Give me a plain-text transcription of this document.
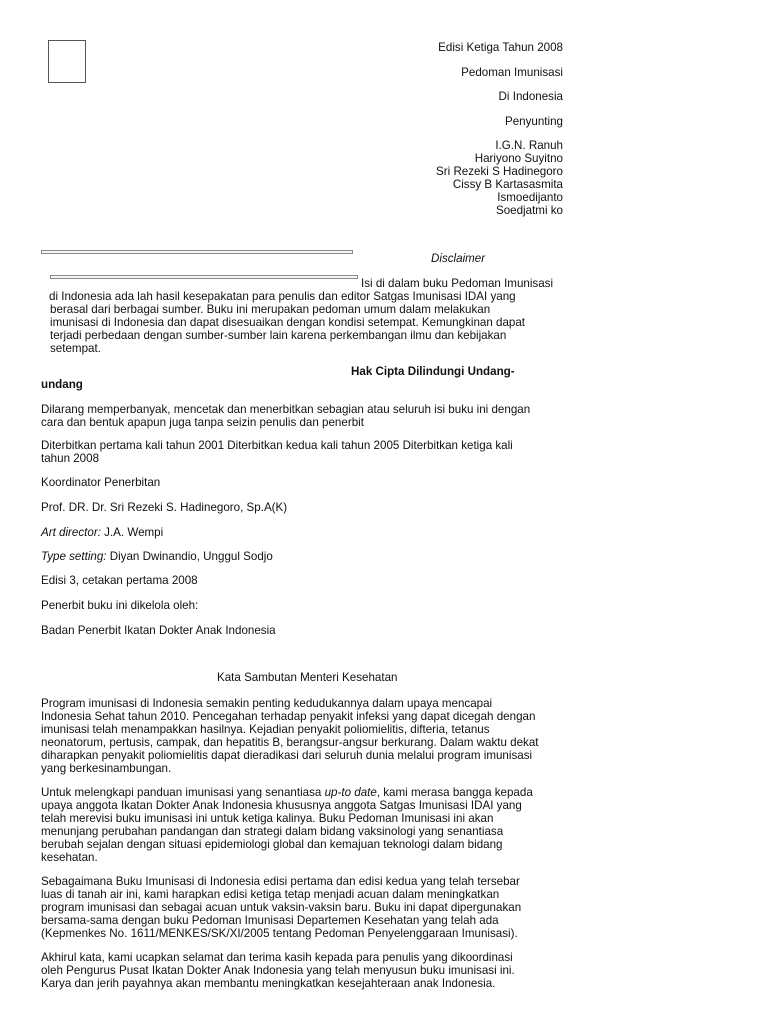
Edisi Ketiga Tahun 2008
Pedoman Imunisasi
Di Indonesia
Penyunting
I.G.N. Ranuh
Hariyono Suyitno
Sri Rezeki S Hadinegoro
Cissy B Kartasasmita
Ismoedijanto
Soedjatmi ko
Disclaimer
Isi di dalam buku Pedoman Imunisasi

di Indonesia ada lah hasil kesepakatan para penulis dan editor Satgas Imunisasi IDAI yang

berasal dari berbagai sumber. Buku ini merupakan pedoman umum dalam melakukan

imunisasi di Indonesia dan dapat disesuaikan dengan kondisi setempat. Kemungkinan dapat

terjadi perbedaan dengan sumber-sumber lain karena perkembangan ilmu dan kebijakan

setempat.

Hak Cipta Dilindungi Undang-
undang

Dilarang memperbanyak, mencetak dan menerbitkan sebagian atau seluruh isi buku ini dengan

cara dan bentuk apapun juga tanpa seizin penulis dan penerbit

Diterbitkan pertama kali tahun 2001 Diterbitkan kedua kali tahun 2005 Diterbitkan ketiga kali

tahun 2008

Koordinator Penerbitan
Prof. DR. Dr. Sri Rezeki S. Hadinegoro, Sp.A(K)
Art director: J.A. Wempi
Type setting: Diyan Dwinandio, Unggul Sodjo
Edisi 3, cetakan pertama 2008
Penerbit buku ini dikelola oleh:
Badan Penerbit Ikatan Dokter Anak Indonesia
Kata Sambutan Menteri Kesehatan

Program imunisasi di Indonesia semakin penting kedudukannya dalam upaya mencapai

Indonesia Sehat tahun 2010. Pencegahan terhadap penyakit infeksi yang dapat dicegah dengan

imunisasi telah menampakkan hasilnya. Kejadian penyakit poliomielitis, difteria, tetanus

neonatorum, pertusis, campak, dan hepatitis B, berangsur-angsur berkurang. Dalam waktu dekat

diharapkan penyakit poliomielitis dapat dieradikasi dari seluruh dunia melalui program imunisasi

yang berkesinambungan.

Untuk melengkapi panduan imunisasi yang senantiasa up-to date, kami merasa bangga kepada

upaya anggota Ikatan Dokter Anak Indonesia khususnya anggota Satgas Imunisasi IDAI yang

telah merevisi buku imunisasi ini untuk ketiga kalinya. Buku Pedoman Imunisasi ini akan

menunjang perubahan pandangan dan strategi dalam bidang vaksinologi yang senantiasa

berubah sejalan dengan situasi epidemiologi global dan kemajuan teknologi dalam bidang

kesehatan.

Sebagaimana Buku Imunisasi di Indonesia edisi pertama dan edisi kedua yang telah tersebar

luas di tanah air ini, kami harapkan edisi ketiga tetap menjadi acuan dalam meningkatkan

program imunisasi dan sebagai acuan untuk vaksin-vaksin baru. Buku ini dapat dipergunakan

bersama-sama dengan buku Pedoman Imunisasi Departemen Kesehatan yang telah ada

(Kepmenkes No. 1611/MENKES/SK/XI/2005 tentang Pedoman Penyelenggaraan Imunisasi).

Akhirul kata, kami ucapkan selamat dan terima kasih kepada para penulis yang dikoordinasi

oleh Pengurus Pusat Ikatan Dokter Anak Indonesia yang telah menyusun buku imunisasi ini.

Karya dan jerih payahnya akan membantu meningkatkan kesejahteraan anak Indonesia.
